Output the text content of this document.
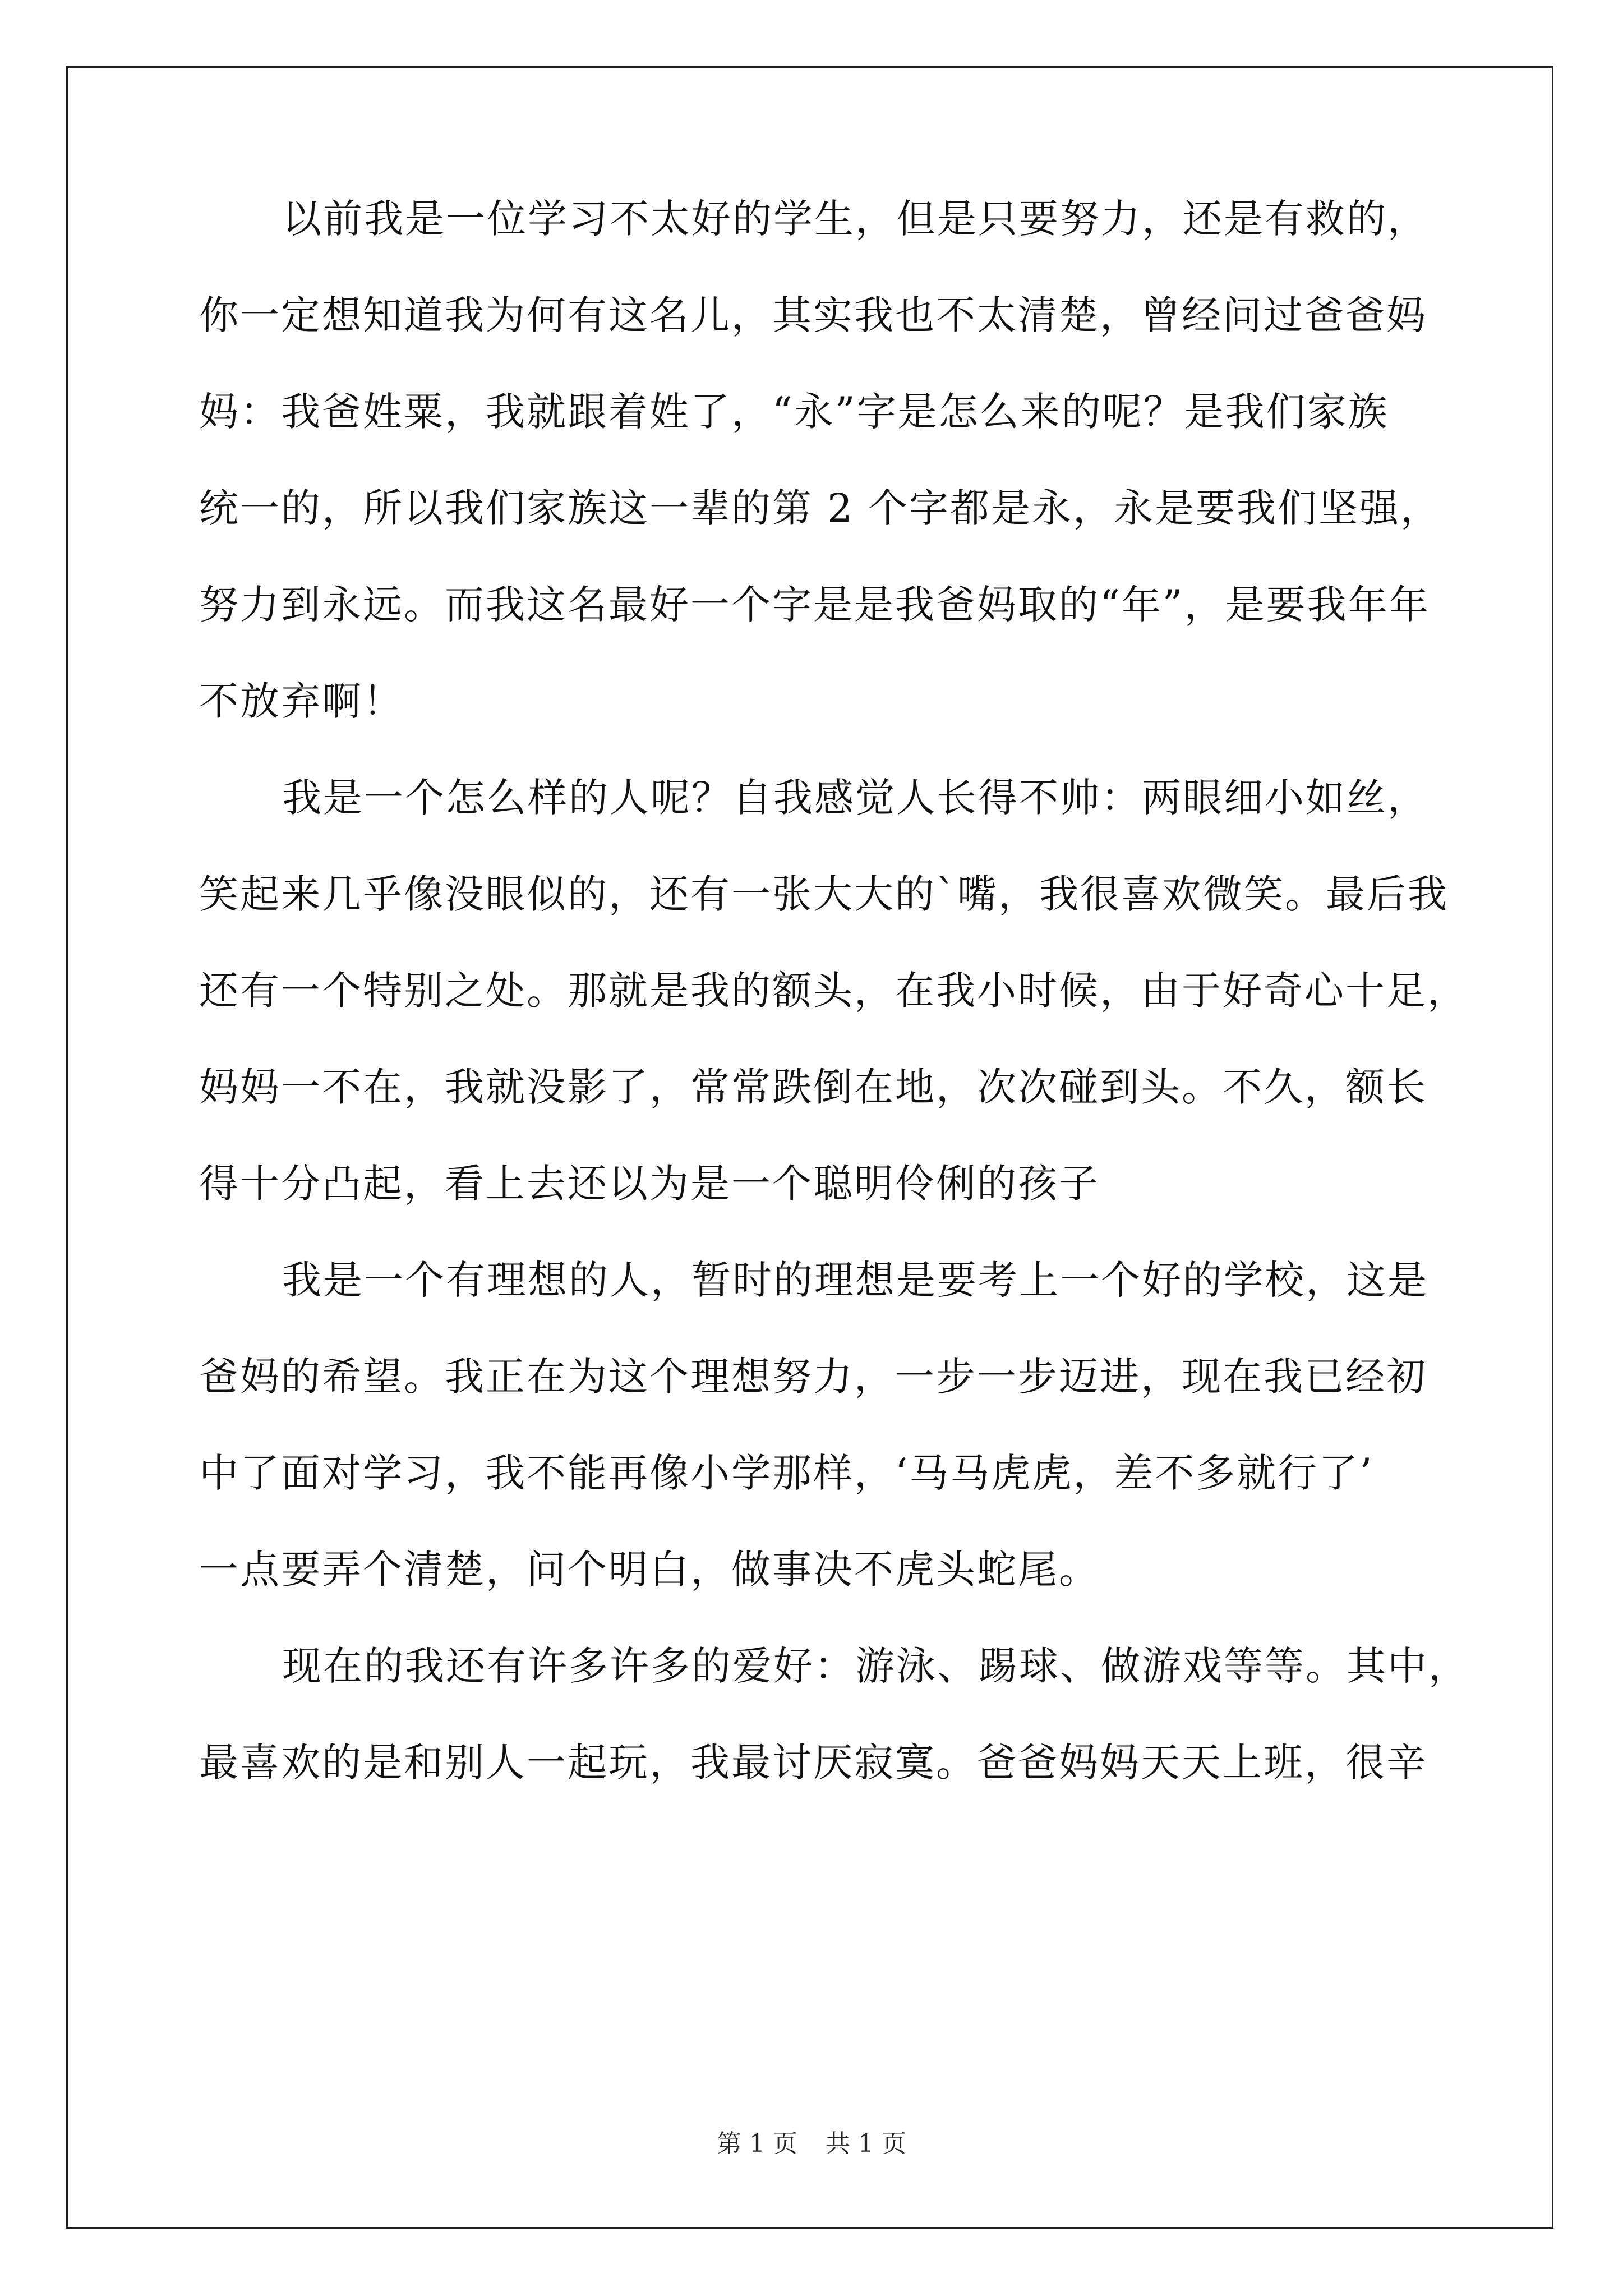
以前我是一位学习不太好的学生，但是只要努力，还是有救的，
你一定想知道我为何有这名儿，其实我也不太清楚，曾经问过爸爸妈
妈：我爸姓粟，我就跟着姓了，“永”字是怎么来的呢？是我们家族
统一的，所以我们家族这一辈的第 2 个字都是永，永是要我们坚强，
努力到永远。而我这名最好一个字是是我爸妈取的“年”，是要我年年
不放弃啊！
我是一个怎么样的人呢？自我感觉人长得不帅：两眼细小如丝，
笑起来几乎像没眼似的，还有一张大大的`嘴，我很喜欢微笑。最后我
还有一个特别之处。那就是我的额头，在我小时候，由于好奇心十足，
妈妈一不在，我就没影了，常常跌倒在地，次次碰到头。不久，额长
得十分凸起，看上去还以为是一个聪明伶俐的孩子
我是一个有理想的人，暂时的理想是要考上一个好的学校，这是
爸妈的希望。我正在为这个理想努力，一步一步迈进，现在我已经初
中了面对学习，我不能再像小学那样，‘马马虎虎，差不多就行了’
一点要弄个清楚，问个明白，做事决不虎头蛇尾。
现在的我还有许多许多的爱好：游泳、踢球、做游戏等等。其中，
最喜欢的是和别人一起玩，我最讨厌寂寞。爸爸妈妈天天上班，很辛
第 1 页 共 1 页
